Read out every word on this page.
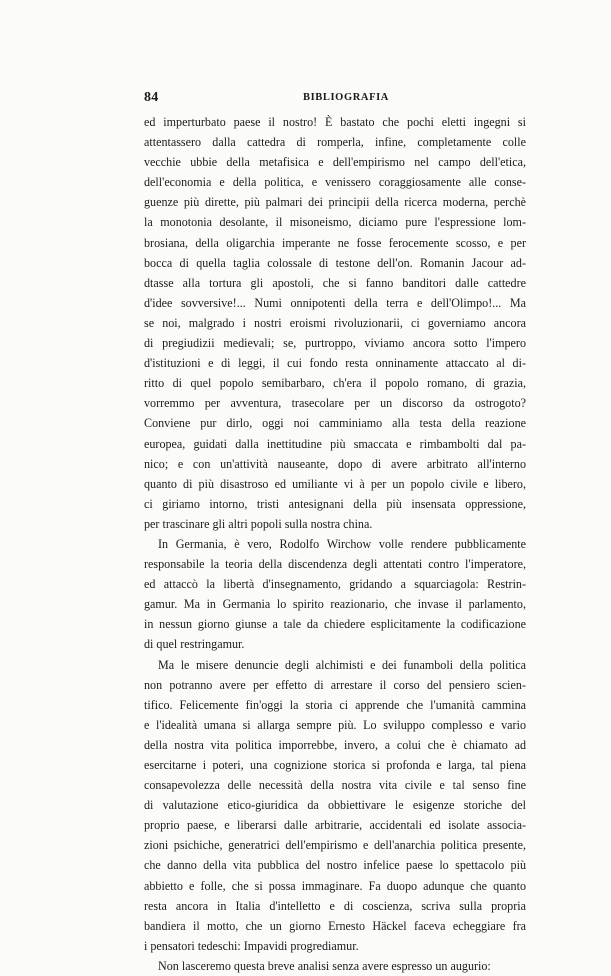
84	BIBLIOGRAFIA
ed imperturbato paese il nostro! È bastato che pochi eletti ingegni si
attentassero dalla cattedra di romperla, infine, completamente colle
vecchie ubbie della metafisica e dell'empirismo nel campo dell'etica,
dell'economia e della politica, e venissero coraggiosamente alle conse-
guenze più dirette, più palmari dei principii della ricerca moderna, perchè
la monotonia desolante, il misoneismo, diciamo pure l'espressione lom-
brosiana, della oligarchia imperante ne fosse ferocemente scosso, e per
bocca di quella taglia colossale di testone dell'on. Romanin Jacour ad-
dtasse alla tortura gli apostoli, che si fanno banditori dalle cattedre
d'idee sovversive!... Numi onnipotenti della terra e dell'Olimpo!... Ma
se noi, malgrado i nostri eroismi rivoluzionarii, ci governiamo ancora
di pregiudizii medievali; se, purtroppo, viviamo ancora sotto l'impero
d'istituzioni e di leggi, il cui fondo resta onninamente attaccato al di-
ritto di quel popolo semibarbaro, ch'era il popolo romano, di grazia,
vorremmo per avventura, trasecolare per un discorso da ostrogoto?
Conviene pur dirlo, oggi noi camminiamo alla testa della reazione
europea, guidati dalla inettitudine più smaccata e rimbambolti dal pa-
nico; e con un'attività nauseante, dopo di avere arbitrato all'interno
quanto di più disastroso ed umiliante vi à per un popolo civile e libero,
ci giriamo intorno, tristi antesignani della più insensata oppressione,
per trascinare gli altri popoli sulla nostra china.
In Germania, è vero, Rodolfo Wirchow volle rendere pubblicamente
responsabile la teoria della discendenza degli attentati contro l'imperatore,
ed attaccò la libertà d'insegnamento, gridando a squarciagola: Restrin-
gamur. Ma in Germania lo spirito reazionario, che invase il parlamento,
in nessun giorno giunse a tale da chiedere esplicitamente la codificazione
di quel restringamur.
Ma le misere denuncie degli alchimisti e dei funamboli della politica
non potranno avere per effetto di arrestare il corso del pensiero scien-
tifico. Felicemente fin'oggi la storia ci apprende che l'umanità cammina
e l'idealità umana si allarga sempre più. Lo sviluppo complesso e vario
della nostra vita politica imporrebbe, invero, a colui che è chiamato ad
esercitarne i poteri, una cognizione storica si profonda e larga, tal piena
consapevolezza delle necessità della nostra vita civile e tal senso fine
di valutazione etico-giuridica da obbiettivare le esigenze storiche del
proprio paese, e liberarsi dalle arbitrarie, accidentali ed isolate associa-
zioni psichiche, generatrici dell'empirismo e dell'anarchia politica presente,
che danno della vita pubblica del nostro infelice paese lo spettacolo più
abbietto e folle, che si possa immaginare. Fa duopo adunque che quanto
resta ancora in Italia d'intelletto e di coscienza, scriva sulla propria
bandiera il motto, che un giorno Ernesto Häckel faceva echeggiare fra
i pensatori tedeschi: Impavidi progrediamur.
Non lasceremo questa breve analisi senza avere espresso un augurio:
